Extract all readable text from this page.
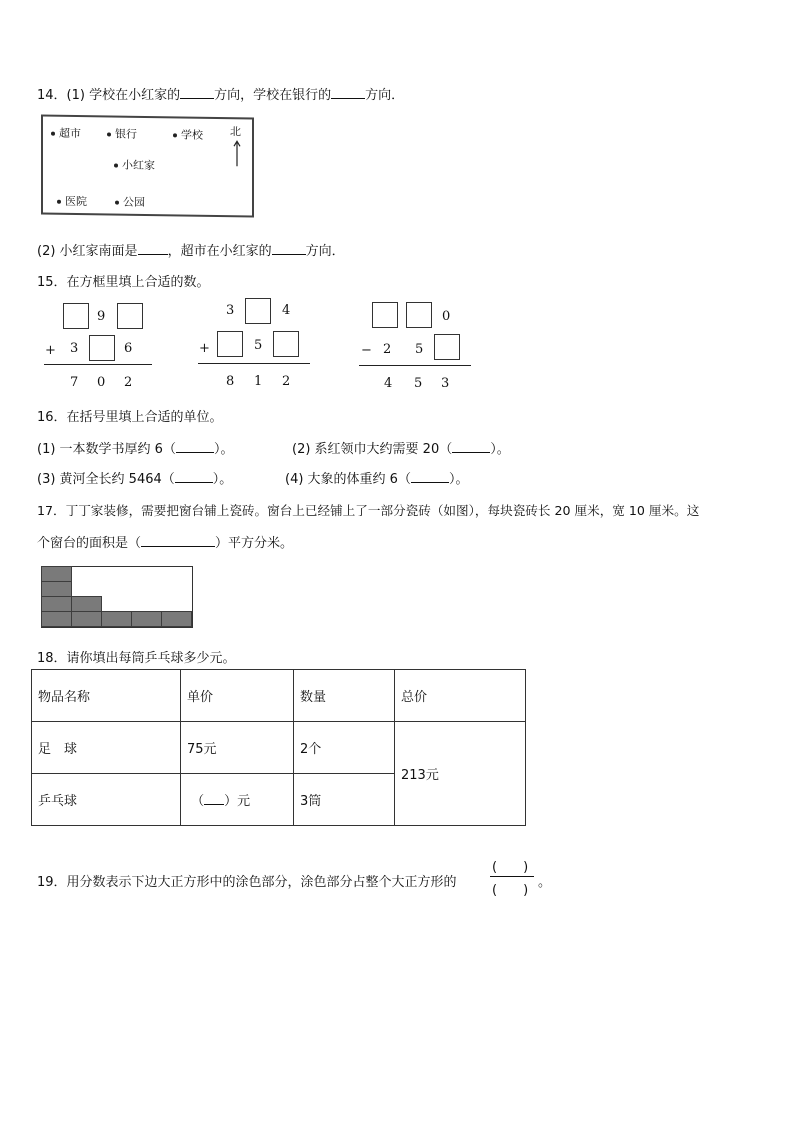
14．(1) 学校在小红家的	方向，学校在银行的	方向．
超市	银行	学校
小红家
医院	公园
北
(2) 小红家南面是 ，超市在小红家的	方向．
15．在方框里填上合适的数。
9
+ 3	6
7 0 2
3	4
+	5
8 1 2
0
− 2 5
4 5 3
16．在括号里填上合适的单位。
(1) 一本数学书厚约 6（	）。	(2) 系红领巾大约需要 20（	）。
(3) 黄河全长约 5464（	）。	(4) 大象的体重约 6（	）。
17．丁丁家装修，需要把窗台铺上瓷砖。窗台上已经铺上了一部分瓷砖（如图），每块瓷砖长 20 厘米，宽 10 厘米。这
个窗台的面积是（	）平方分米。
18．请你填出每筒乒乓球多少元。
物品名称	单价	数量	总价
足　球	75元	2个	213元
乒乓球	（ ）元	3筒	
19．用分数表示下边大正方形中的涂色部分，涂色部分占整个大正方形的
(　　)
(　　)
。
